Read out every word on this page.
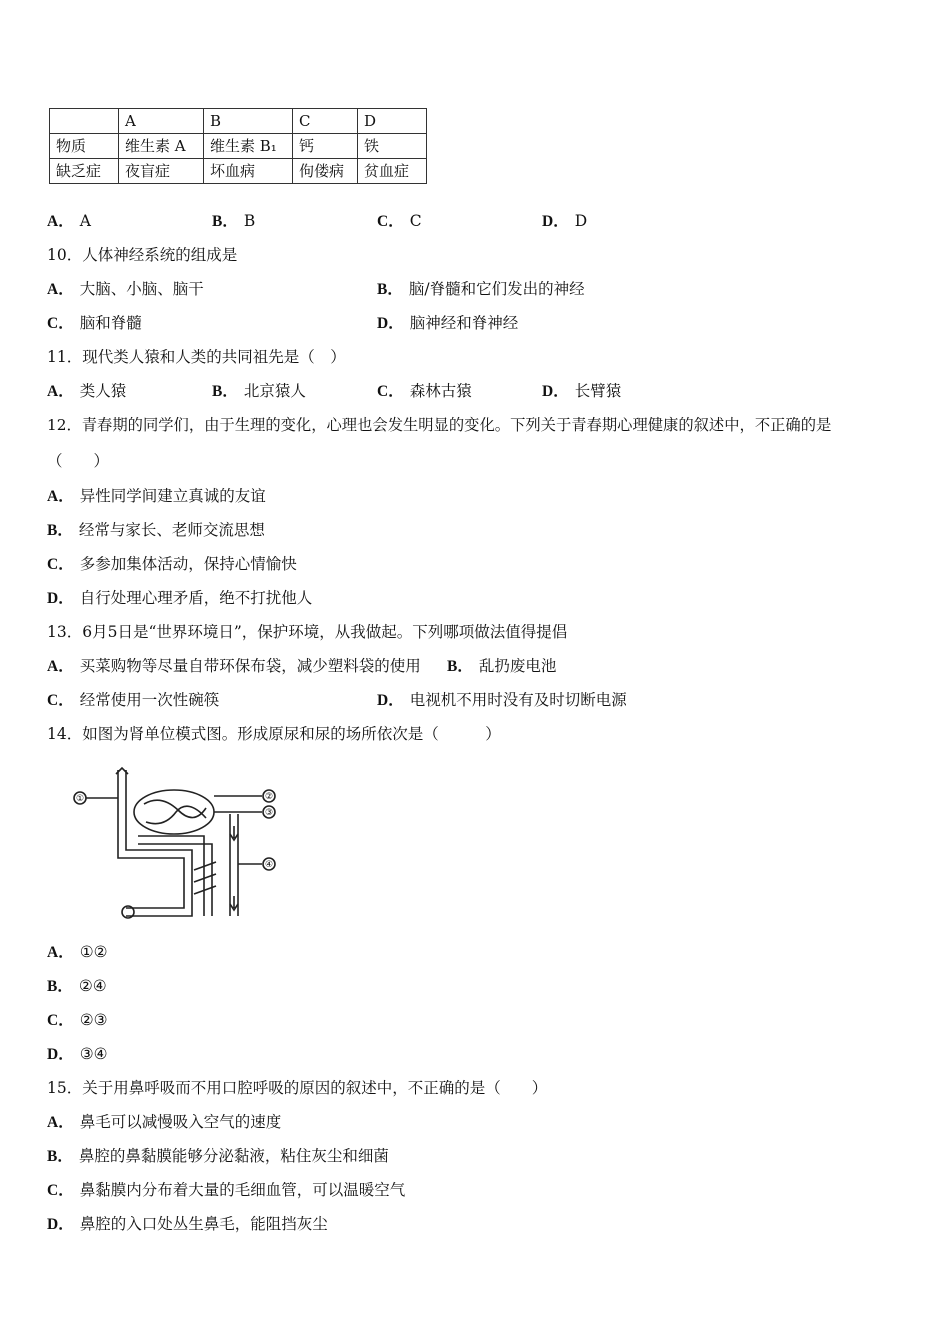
	A	B	C	D
物质	维生素 A	维生素 B₁	钙	铁
缺乏症	夜盲症	坏血病	佝偻病	贫血症
A． A	B． B	C． C	D． D
10．人体神经系统的组成是
A． 大脑、小脑、脑干	B． 脑/脊髓和它们发出的神经
C． 脑和脊髓	D． 脑神经和脊神经
11．现代类人猿和人类的共同祖先是（　）
A． 类人猿	B． 北京猿人	C． 森林古猿	D． 长臂猿
12．青春期的同学们，由于生理的变化，心理也会发生明显的变化。下列关于青春期心理健康的叙述中，不正确的是
（　　）
A． 异性同学间建立真诚的友谊
B． 经常与家长、老师交流思想
C． 多参加集体活动，保持心情愉快
D． 自行处理心理矛盾，绝不打扰他人
13．6月5日是“世界环境日”，保护环境，从我做起。下列哪项做法值得提倡
A． 买菜购物等尽量自带环保布袋，减少塑料袋的使用 B． 乱扔废电池
C． 经常使用一次性碗筷	D． 电视机不用时没有及时切断电源
14．如图为肾单位模式图。形成原尿和尿的场所依次是（　　　）
①	②
③
④
A． ①②
B． ②④
C． ②③
D． ③④
15．关于用鼻呼吸而不用口腔呼吸的原因的叙述中，不正确的是（　　）
A． 鼻毛可以减慢吸入空气的速度
B． 鼻腔的鼻黏膜能够分泌黏液，粘住灰尘和细菌
C． 鼻黏膜内分布着大量的毛细血管，可以温暖空气
D． 鼻腔的入口处丛生鼻毛，能阻挡灰尘
